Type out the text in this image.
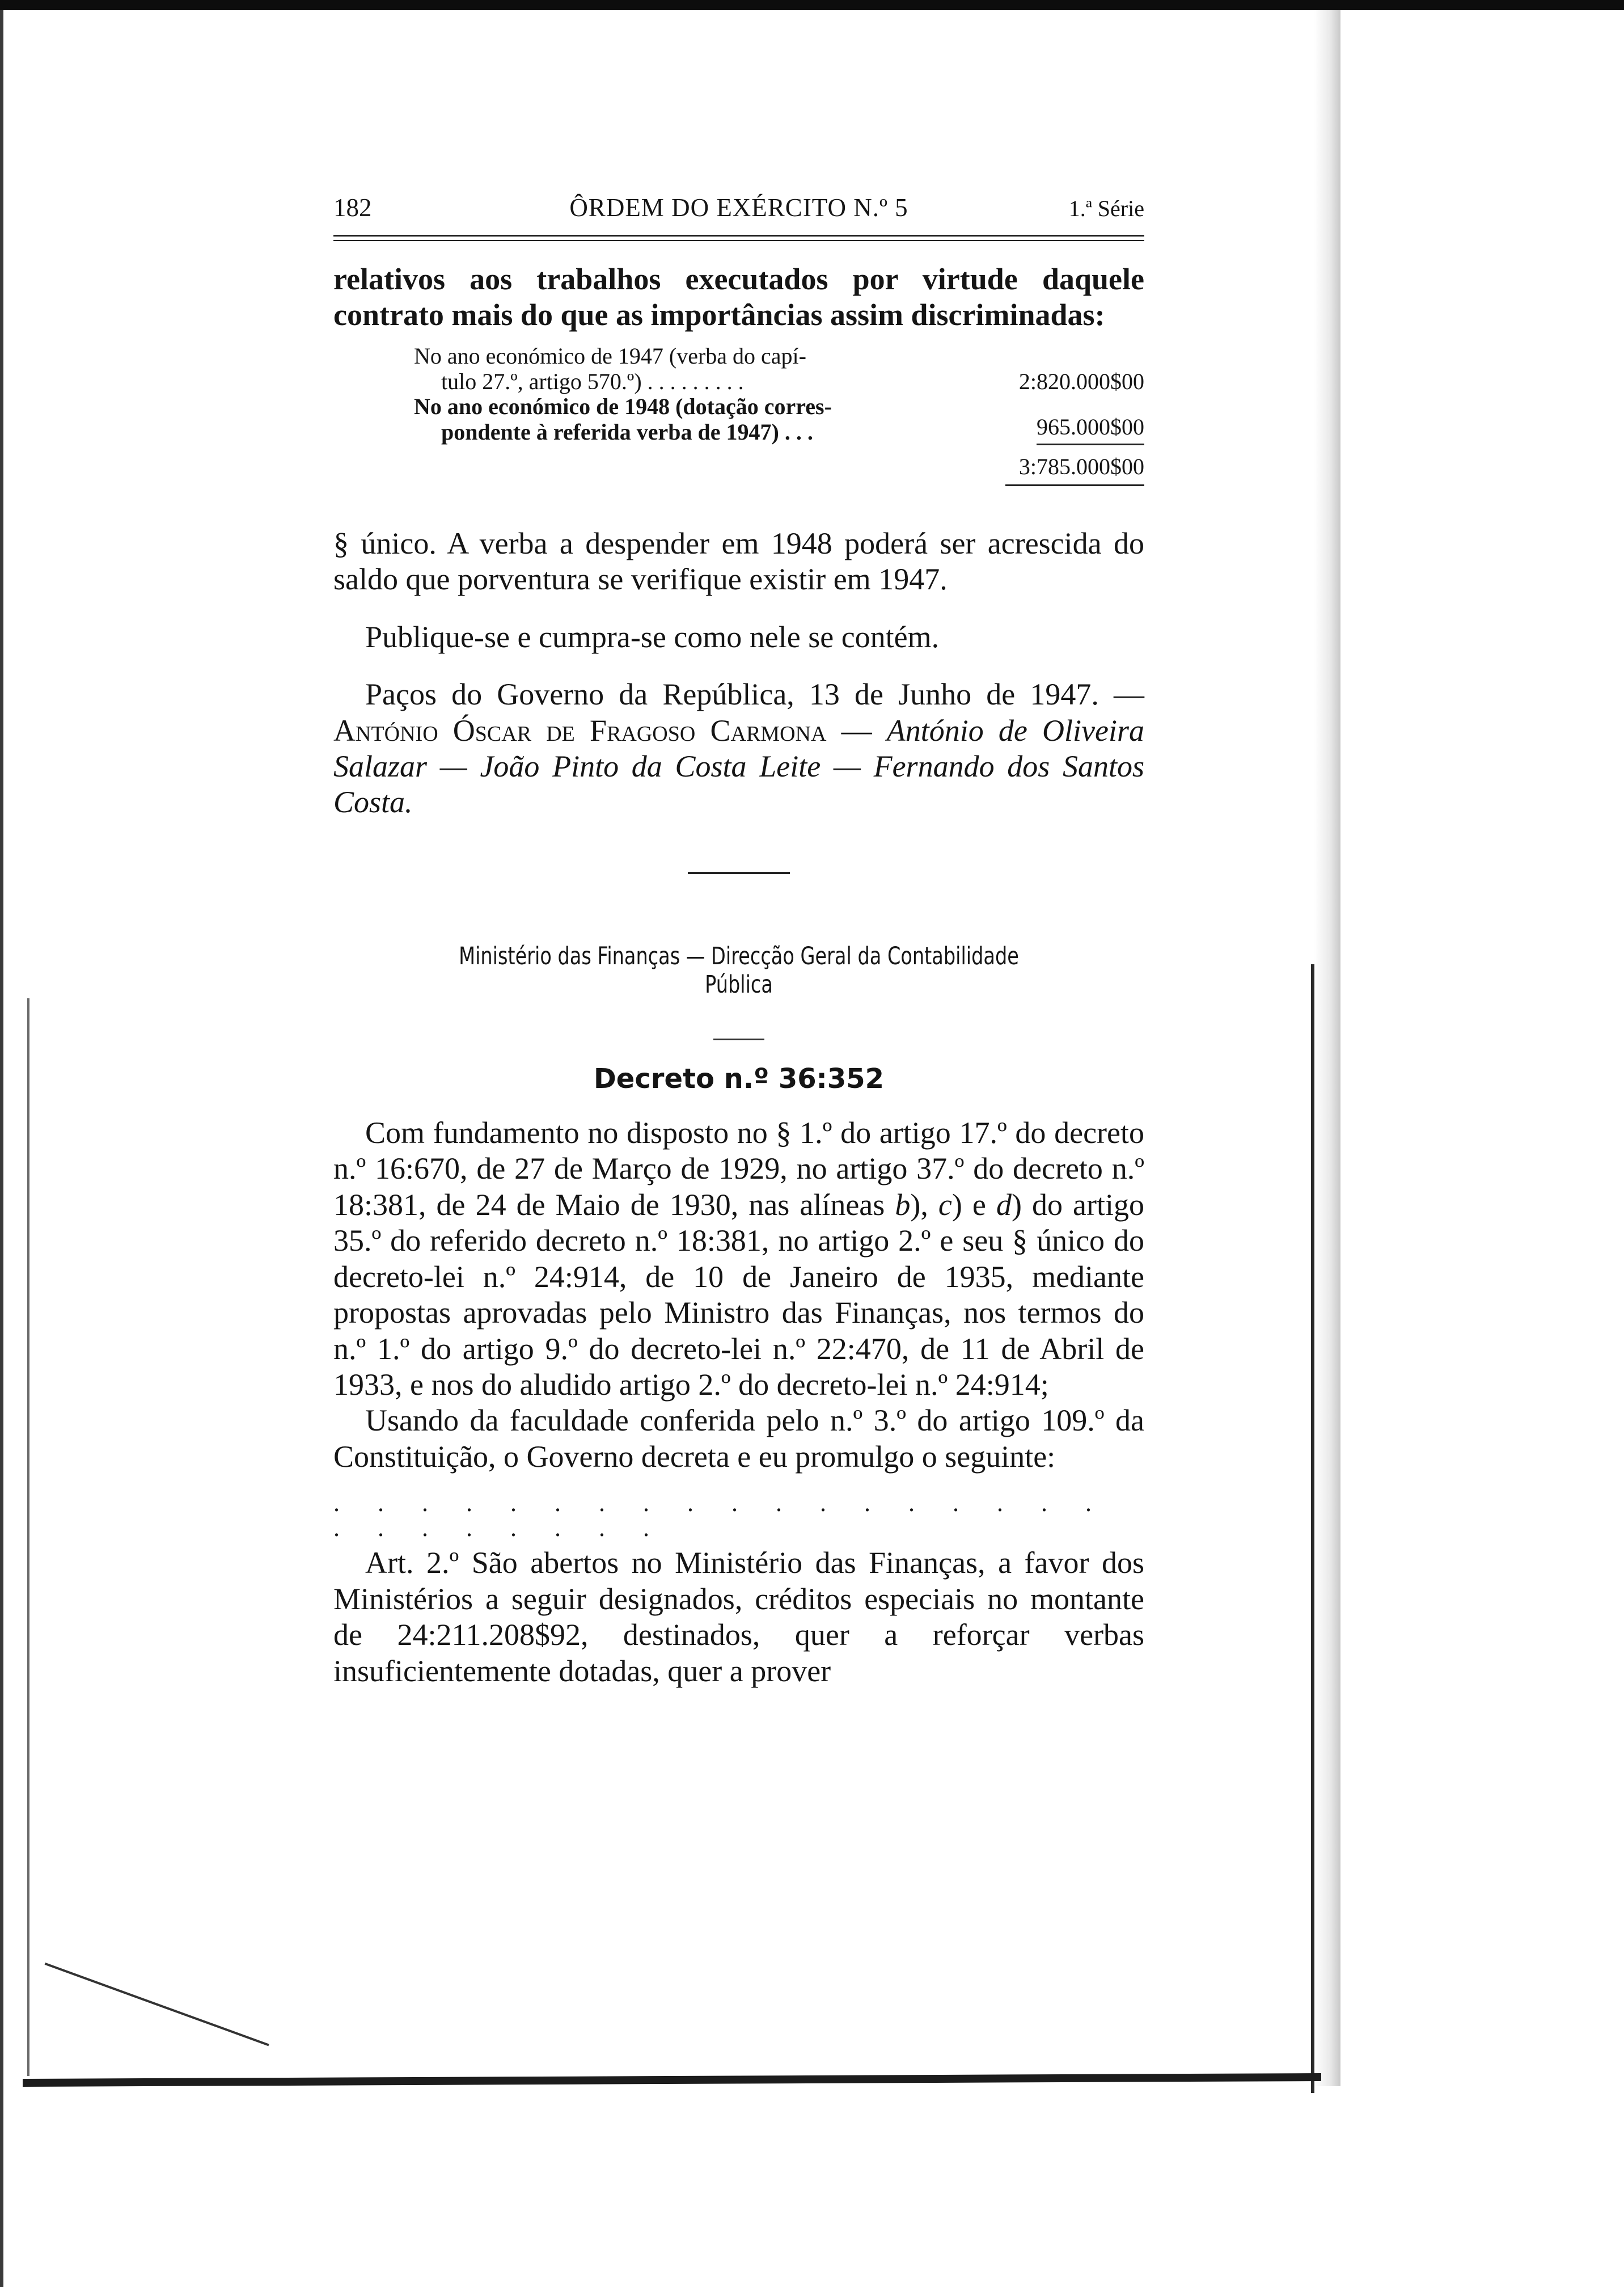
182	ÔRDEM DO EXÉRCITO N.º 5	1.ª Série

relativos aos trabalhos executados por virtude daquele contrato mais do que as importâncias assim discriminadas:

No ano económico de 1947 (verba do capí-
tulo 27.º, artigo 570.º) . . . . . . . . .	2:820.000$00

No ano económico de 1948 (dotação corres-
pondente à referida verba de 1947) . . .	965.000$00
	3:785.000$00

§ único. A verba a despender em 1948 poderá ser acrescida do saldo que porventura se verifique existir em 1947.

Publique-se e cumpra-se como nele se contém.

Paços do Governo da República, 13 de Junho de 1947. — António Óscar de Fragoso Carmona — António de Oliveira Salazar — João Pinto da Costa Leite — Fernando dos Santos Costa.

Ministério das Finanças — Direcção Geral da Contabilidade Pública
Decreto n.º 36:352

Com fundamento no disposto no § 1.º do artigo 17.º do decreto n.º 16:670, de 27 de Março de 1929, no artigo 37.º do decreto n.º 18:381, de 24 de Maio de 1930, nas alíneas b), c) e d) do artigo 35.º do referido decreto n.º 18:381, no artigo 2.º e seu § único do decreto-lei n.º 24:914, de 10 de Janeiro de 1935, mediante propostas aprovadas pelo Ministro das Finanças, nos termos do n.º 1.º do artigo 9.º do decreto-lei n.º 22:470, de 11 de Abril de 1933, e nos do aludido artigo 2.º do decreto-lei n.º 24:914;

Usando da faculdade conferida pelo n.º 3.º do artigo 109.º da Constituição, o Governo decreta e eu promulgo o seguinte:

. . . . . . . . . . . . . . . . . . . . . . . . . .

Art. 2.º São abertos no Ministério das Finanças, a favor dos Ministérios a seguir designados, créditos especiais no montante de 24:211.208$92, destinados, quer a reforçar verbas insuficientemente dotadas, quer a prover
